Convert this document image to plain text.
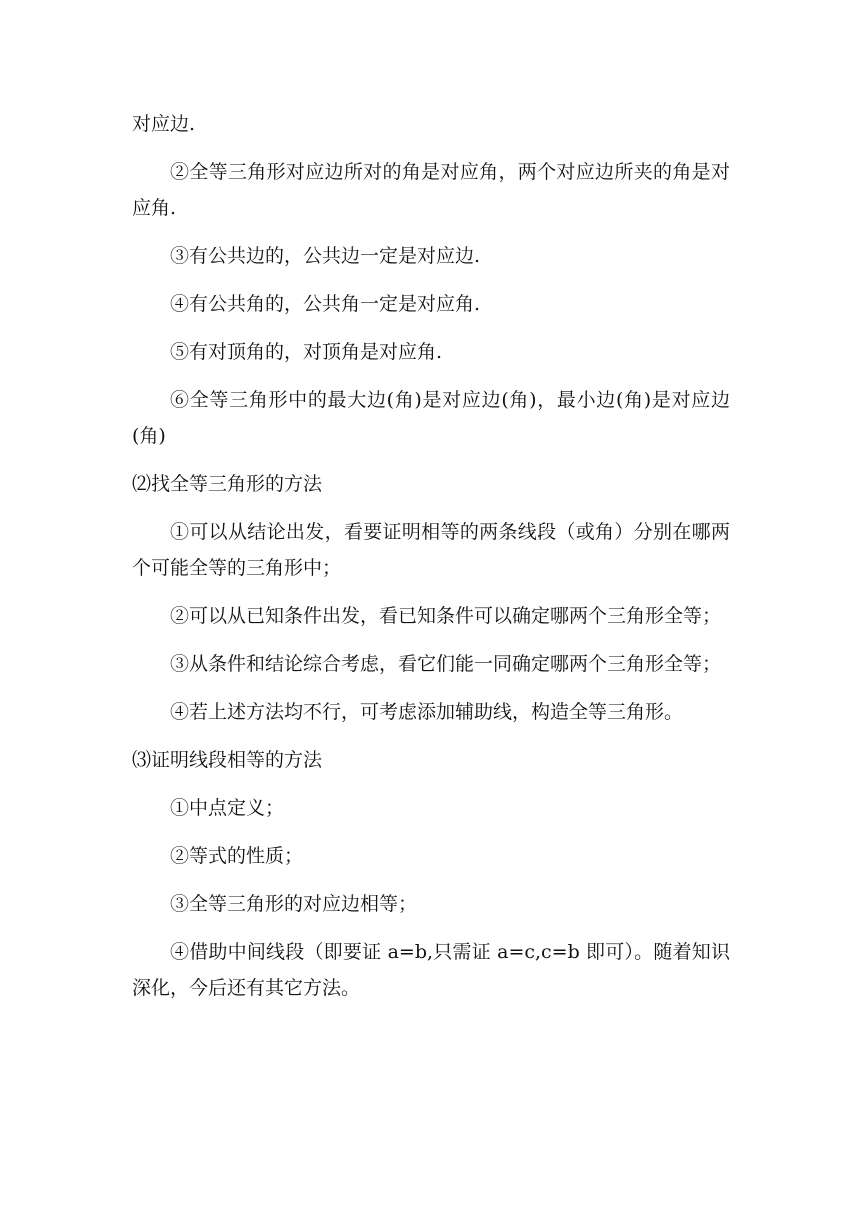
对应边.

②全等三角形对应边所对的角是对应角，两个对应边所夹的角是对应角.

③有公共边的，公共边一定是对应边.

④有公共角的，公共角一定是对应角.

⑤有对顶角的，对顶角是对应角.

⑥全等三角形中的最大边(角)是对应边(角)，最小边(角)是对应边(角)

⑵找全等三角形的方法

①可以从结论出发，看要证明相等的两条线段（或角）分别在哪两个可能全等的三角形中；

②可以从已知条件出发，看已知条件可以确定哪两个三角形全等；

③从条件和结论综合考虑，看它们能一同确定哪两个三角形全等；

④若上述方法均不行，可考虑添加辅助线，构造全等三角形。

⑶证明线段相等的方法

①中点定义；

②等式的性质；

③全等三角形的对应边相等；

④借助中间线段（即要证 a=b,只需证 a=c,c=b 即可）。随着知识深化，今后还有其它方法。
